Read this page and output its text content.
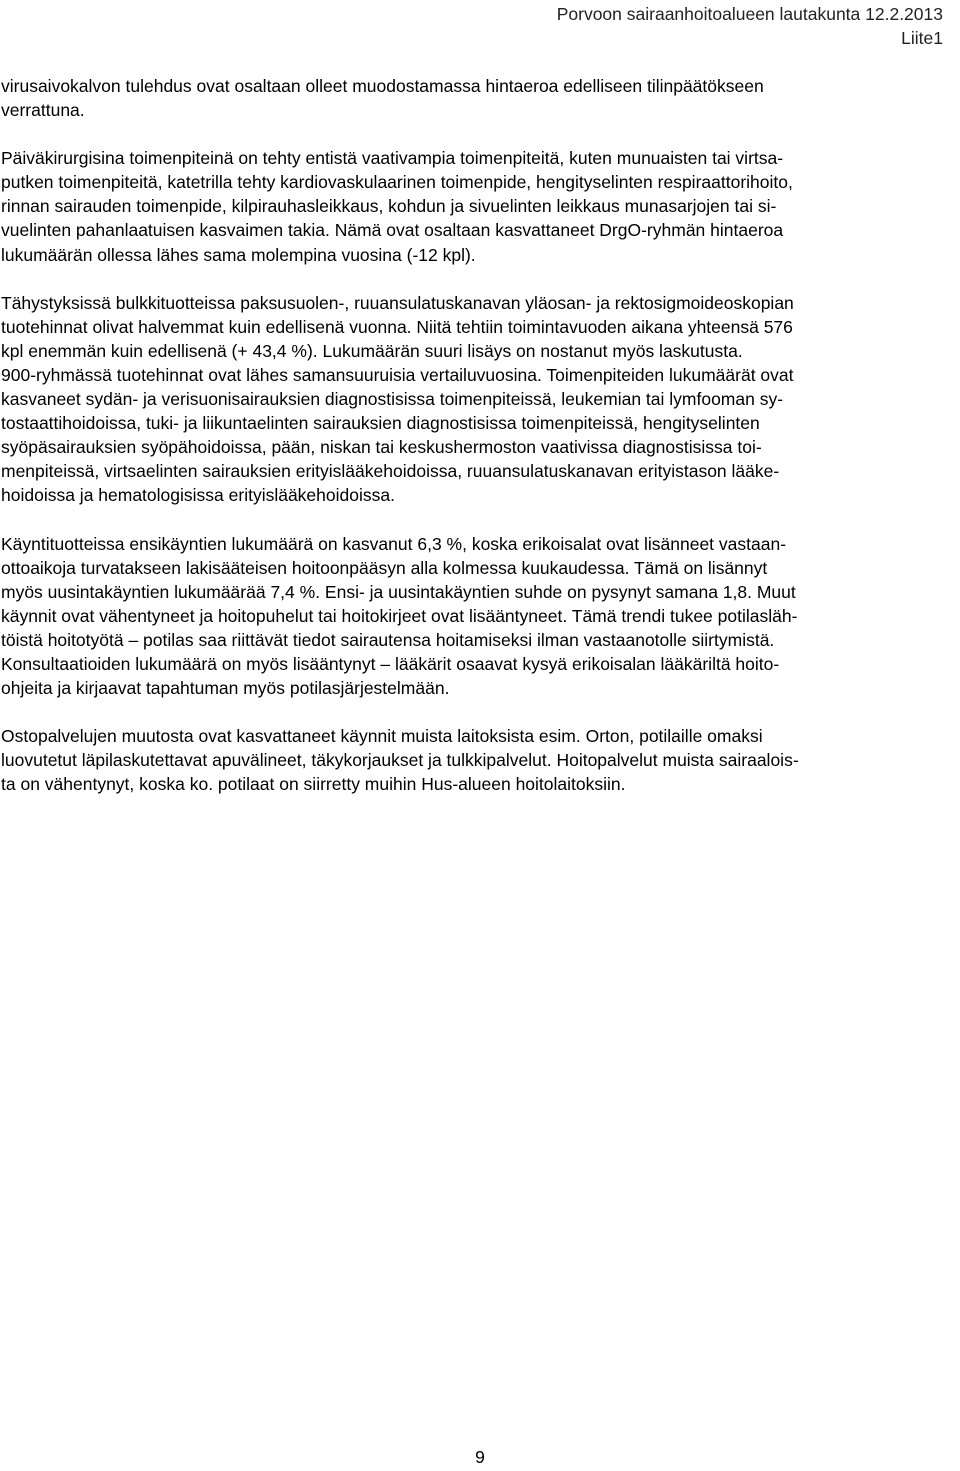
Porvoon sairaanhoitoalueen lautakunta 12.2.2013
Liite1

virusaivokalvon tulehdus ovat osaltaan olleet muodostamassa hintaeroa edelliseen tilinpäätökseen
verrattuna.

Päiväkirurgisina toimenpiteinä on tehty entistä vaativampia toimenpiteitä, kuten munuaisten tai virtsa-
putken toimenpiteitä, katetrilla tehty kardiovaskulaarinen toimenpide, hengityselinten respiraattorihoito,
rinnan sairauden toimenpide, kilpirauhasleikkaus, kohdun ja sivuelinten leikkaus munasarjojen tai si-
vuelinten pahanlaatuisen kasvaimen takia. Nämä ovat osaltaan kasvattaneet DrgO-ryhmän hintaeroa
lukumäärän ollessa lähes sama molempina vuosina (-12 kpl).

Tähystyksissä bulkkituotteissa paksusuolen-, ruuansulatuskanavan yläosan- ja rektosigmoideoskopian
tuotehinnat olivat halvemmat kuin edellisenä vuonna. Niitä tehtiin toimintavuoden aikana yhteensä 576
kpl enemmän kuin edellisenä (+ 43,4 %). Lukumäärän suuri lisäys on nostanut myös laskutusta.
900-ryhmässä tuotehinnat ovat lähes samansuuruisia vertailuvuosina. Toimenpiteiden lukumäärät ovat
kasvaneet sydän- ja verisuonisairauksien diagnostisissa toimenpiteissä, leukemian tai lymfooman sy-
tostaattihoidoissa, tuki- ja liikuntaelinten sairauksien diagnostisissa toimenpiteissä, hengityselinten
syöpäsairauksien syöpähoidoissa, pään, niskan tai keskushermoston vaativissa diagnostisissa toi-
menpiteissä, virtsaelinten sairauksien erityislääkehoidoissa, ruuansulatuskanavan erityistason lääke-
hoidoissa ja hematologisissa erityislääkehoidoissa.

Käyntituotteissa ensikäyntien lukumäärä on kasvanut 6,3 %, koska erikoisalat ovat lisänneet vastaan-
ottoaikoja turvatakseen lakisääteisen hoitoonpääsyn alla kolmessa kuukaudessa. Tämä on lisännyt
myös uusintakäyntien lukumäärää 7,4 %. Ensi- ja uusintakäyntien suhde on pysynyt samana 1,8. Muut
käynnit ovat vähentyneet ja hoitopuhelut tai hoitokirjeet ovat lisääntyneet. Tämä trendi tukee potilasläh-
töistä hoitotyötä – potilas saa riittävät tiedot sairautensa hoitamiseksi ilman vastaanotolle siirtymistä.
Konsultaatioiden lukumäärä on myös lisääntynyt – lääkärit osaavat kysyä erikoisalan lääkäriltä hoito-
ohjeita ja kirjaavat tapahtuman myös potilasjärjestelmään.

Ostopalvelujen muutosta ovat kasvattaneet käynnit muista laitoksista esim. Orton, potilaille omaksi
luovutetut läpilaskutettavat apuvälineet, täkykorjaukset ja tulkkipalvelut. Hoitopalvelut muista sairaalois-
ta on vähentynyt, koska ko. potilaat on siirretty muihin Hus-alueen hoitolaitoksiin.

9
